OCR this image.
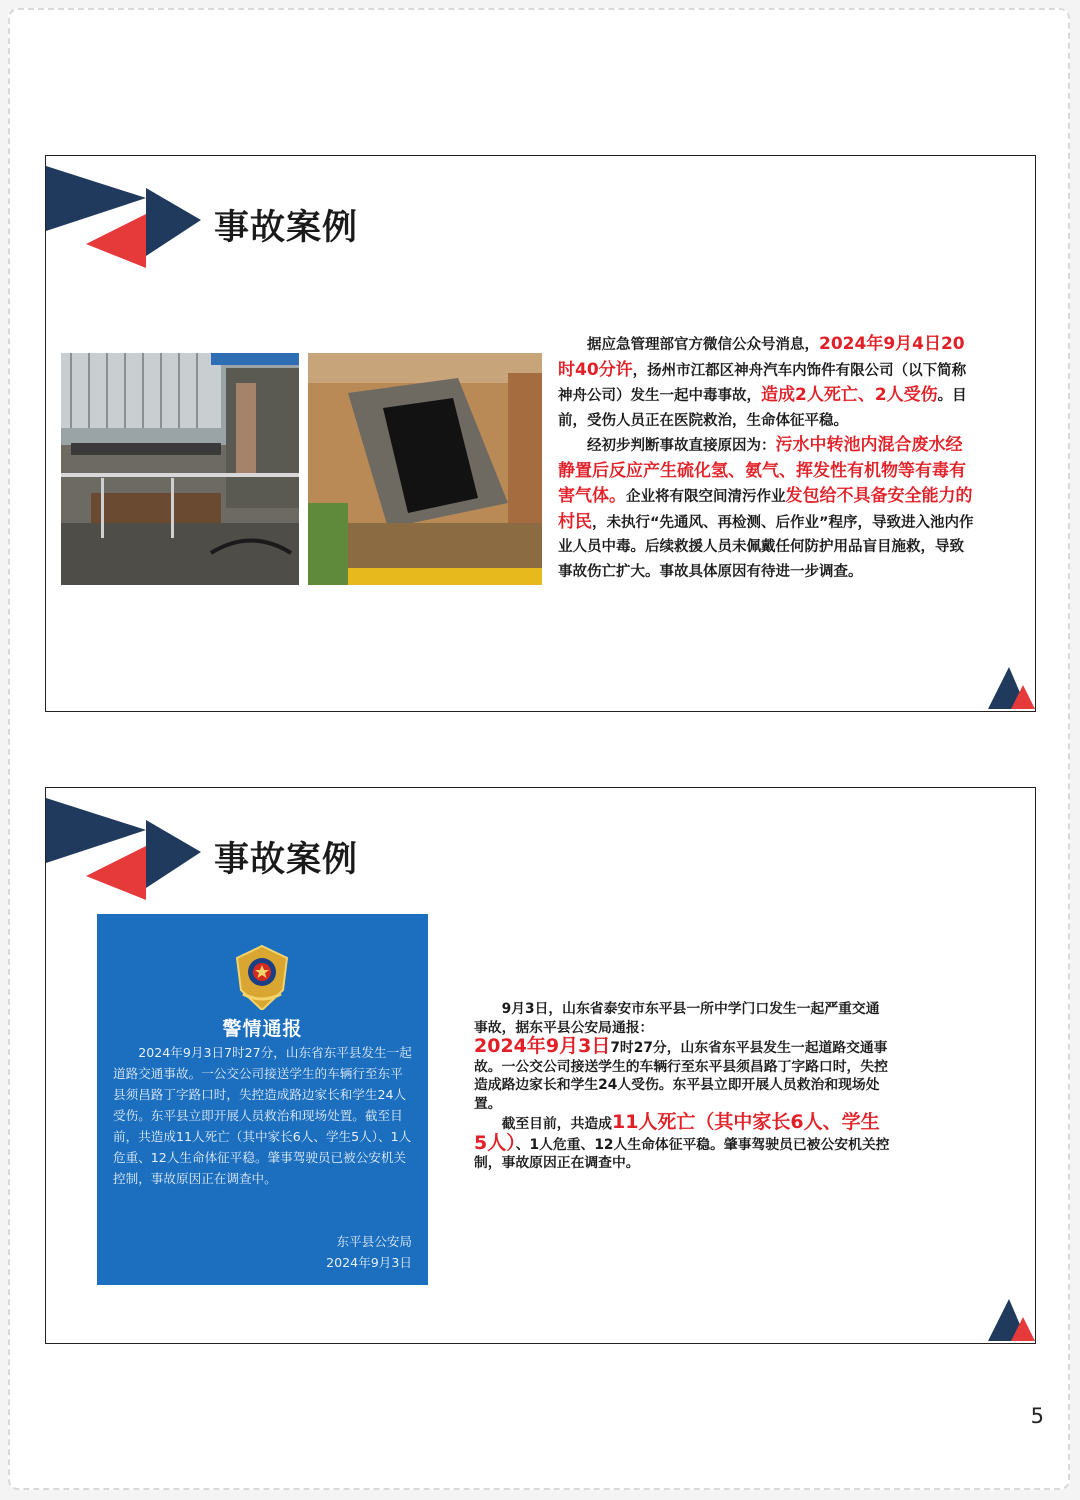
事故案例

据应急管理部官方微信公众号消息，2024年9月4日20时40分许，扬州市江都区神舟汽车内饰件有限公司（以下简称神舟公司）发生一起中毒事故，造成2人死亡、2人受伤。目前，受伤人员正在医院救治，生命体征平稳。

经初步判断事故直接原因为：污水中转池内混合废水经静置后反应产生硫化氢、氨气、挥发性有机物等有毒有害气体。企业将有限空间清污作业发包给不具备安全能力的村民，未执行“先通风、再检测、后作业”程序，导致进入池内作业人员中毒。后续救援人员未佩戴任何防护用品盲目施救，导致事故伤亡扩大。事故具体原因有待进一步调查。

事故案例
警情通报
2024年9月3日7时27分，山东省东平县发生一起道路交通事故。一公交公司接送学生的车辆行至东平县须昌路丁字路口时，失控造成路边家长和学生24人受伤。东平县立即开展人员救治和现场处置。截至目前，共造成11人死亡（其中家长6人、学生5人）、1人危重、12人生命体征平稳。肇事驾驶员已被公安机关控制，事故原因正在调查中。
东平县公安局
2024年9月3日

9月3日，山东省泰安市东平县一所中学门口发生一起严重交通事故，据东平县公安局通报：
2024年9月3日7时27分，山东省东平县发生一起道路交通事故。一公交公司接送学生的车辆行至东平县须昌路丁字路口时，失控造成路边家长和学生24人受伤。东平县立即开展人员救治和现场处置。

截至目前，共造成11人死亡（其中家长6人、学生5人）、1人危重、12人生命体征平稳。肇事驾驶员已被公安机关控制，事故原因正在调查中。

5
